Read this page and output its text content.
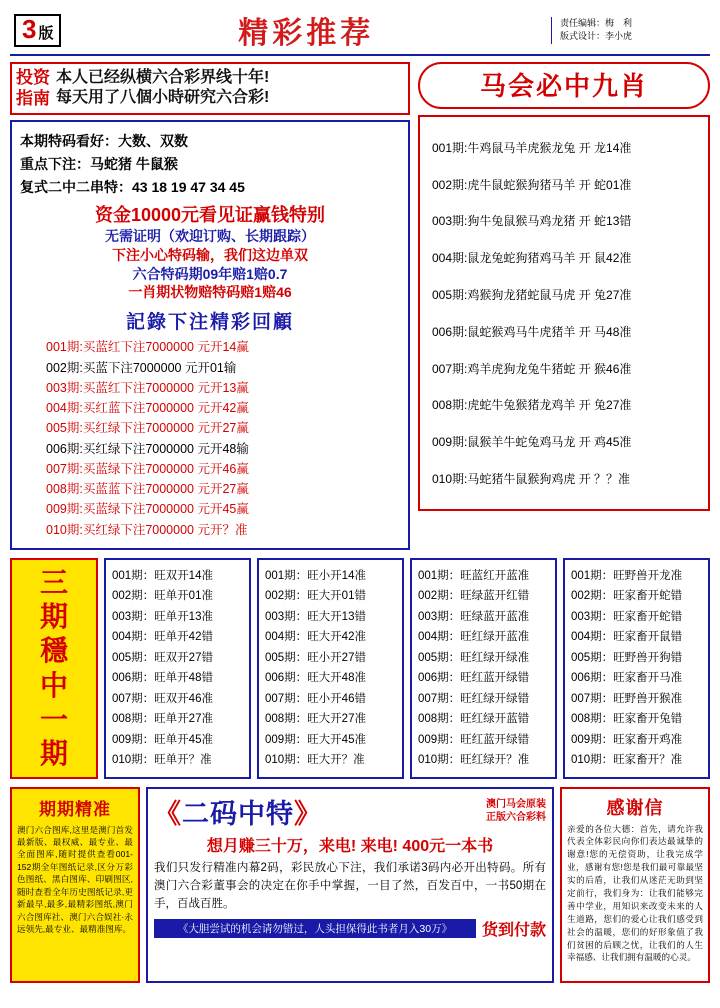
3 版	精彩推荐	责任编辑：梅　利
版式设计：李小虎
投资
指南
本人已经纵横六合彩界线十年!
每天用了八個小時研究六合彩!
本期特码看好：大数、双数
重点下注：马蛇猪 牛鼠猴
复式二中二串特：43 18 19 47 34 45
资金10000元看见证赢钱特别
无需证明（欢迎订购、长期跟踪）
下注小心特码输，我们这边单双
六合特码期09年赔1赔0.7
一肖期状物赔特码赔1赔46
記錄下注精彩回顧
001期:买蓝红下注7000000 元开14赢
002期:买蓝下注7000000 元开01输
003期:买蓝红下注7000000 元开13赢
004期:买红蓝下注7000000 元开42赢
005期:买红绿下注7000000 元开27赢
006期:买红绿下注7000000 元开48输
007期:买蓝绿下注7000000 元开46赢
008期:买蓝蓝下注7000000 元开27赢
009期:买蓝绿下注7000000 元开45赢
010期:买红绿下注7000000 元开？准
马会必中九肖
001期:牛鸡鼠马羊虎猴龙兔 开 龙14准
002期:虎牛鼠蛇猴狗猪马羊 开 蛇01准
003期:狗牛兔鼠猴马鸡龙猪 开 蛇13错
004期:鼠龙兔蛇狗猪鸡马羊 开 鼠42准
005期:鸡猴狗龙猪蛇鼠马虎 开 兔27准
006期:鼠蛇猴鸡马牛虎猪羊 开 马48准
007期:鸡羊虎狗龙兔牛猪蛇 开 猴46准
008期:虎蛇牛兔猴猪龙鸡羊 开 兔27准
009期:鼠猴羊牛蛇兔鸡马龙 开 鸡45准
010期:马蛇猪牛鼠猴狗鸡虎 开 ？？准
三
期
穩
中
一
期
001期：旺双开14准
002期：旺单开01准
003期：旺单开13准
004期：旺单开42错
005期：旺双开27错
006期：旺单开48错
007期：旺双开46准
008期：旺单开27准
009期：旺单开45准
010期：旺单开？准
001期：旺小开14准
002期：旺大开01错
003期：旺大开13错
004期：旺大开42准
005期：旺小开27错
006期：旺大开48准
007期：旺小开46错
008期：旺大开27准
009期：旺大开45准
010期：旺大开？准
001期：旺蓝红开蓝准
002期：旺绿蓝开红错
003期：旺绿蓝开蓝准
004期：旺红绿开蓝准
005期：旺红绿开绿准
006期：旺红蓝开绿错
007期：旺红绿开绿错
008期：旺红绿开蓝错
009期：旺红蓝开绿错
010期：旺红绿开？准
001期：旺野兽开龙准
002期：旺家畜开蛇错
003期：旺家畜开蛇错
004期：旺家畜开鼠错
005期：旺野兽开狗错
006期：旺家畜开马准
007期：旺野兽开猴准
008期：旺家畜开兔错
009期：旺家畜开鸡准
010期：旺家畜开？准
期期精准

澳门六合图库,这里是澳门首发最新版、最权威、最专业、最全面图库,随时提供查看001-152期全年图纸记录,区分万彩色图纸、黑白图库、印刷图区,随时查看全年历史图纸记录,更新最早,最多,最精彩图纸,澳门六合图库社、澳门六合娱社·永远领先,最专业、最精准图库。

《二码中特》	澳门马会原装
正版六合彩料
想月赚三十万，来电! 来电! 400元一本书
我们只发行精准内幕2码，彩民放心下注，我们承诺3码内必开出特码。所有澳门六合彩董事会的决定在你手中掌握，一目了然，百发百中，一书50期在手，百战百胜。
《大胆尝试的机会请勿错过，人头担保得此书者月入30万》	货到付款
感谢信

亲爱的各位大德：首先，请允许我代表全体彩民向你们表达最诚挚的谢意!您的无偿资助，让我完成学业，感谢有您!您是我们最可靠最坚实的后盾，让我们从迷茫无助到坚定前行，我们身为：让我们能够完善中学业，用知识来改变未来的人生道路，您们的爱心让我们感受到社会的温暖，您们的好形象值了我们贫困的后顾之忧，让我们的人生幸福感、让我们拥有温暖的心灵。
